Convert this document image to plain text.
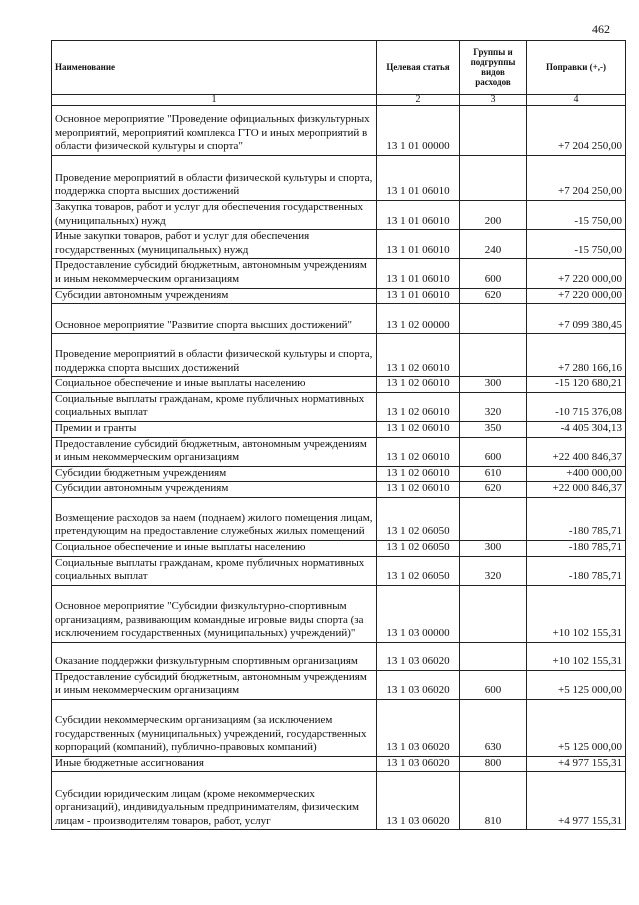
462
Наименование	Целевая статья	Группы и подгруппы видов расходов	Поправки (+,-)
1	2	3	4
Основное мероприятие "Проведение официальных физкультурных мероприятий, мероприятий комплекса ГТО и иных мероприятий в области физической культуры и спорта"	13 1 01 00000		+7 204 250,00
Проведение мероприятий в области физической культуры и спорта, поддержка спорта высших достижений	13 1 01 06010		+7 204 250,00
Закупка товаров, работ и услуг для обеспечения государственных (муниципальных) нужд	13 1 01 06010	200	-15 750,00
Иные закупки товаров, работ и услуг для обеспечения государственных (муниципальных) нужд	13 1 01 06010	240	-15 750,00
Предоставление субсидий бюджетным, автономным учреждениям и иным некоммерческим организациям	13 1 01 06010	600	+7 220 000,00
Субсидии автономным учреждениям	13 1 01 06010	620	+7 220 000,00
Основное мероприятие "Развитие спорта высших достижений"	13 1 02 00000		+7 099 380,45
Проведение мероприятий в области физической культуры и спорта, поддержка спорта высших достижений	13 1 02 06010		+7 280 166,16
Социальное обеспечение и иные выплаты населению	13 1 02 06010	300	-15 120 680,21
Социальные выплаты гражданам, кроме публичных нормативных социальных выплат	13 1 02 06010	320	-10 715 376,08
Премии и гранты	13 1 02 06010	350	-4 405 304,13
Предоставление субсидий бюджетным, автономным учреждениям и иным некоммерческим организациям	13 1 02 06010	600	+22 400 846,37
Субсидии бюджетным учреждениям	13 1 02 06010	610	+400 000,00
Субсидии автономным учреждениям	13 1 02 06010	620	+22 000 846,37
Возмещение расходов за наем (поднаем) жилого помещения лицам, претендующим на предоставление служебных жилых помещений	13 1 02 06050		-180 785,71
Социальное обеспечение и иные выплаты населению	13 1 02 06050	300	-180 785,71
Социальные выплаты гражданам, кроме публичных нормативных социальных выплат	13 1 02 06050	320	-180 785,71
Основное мероприятие "Субсидии физкультурно-спортивным организациям, развивающим командные игровые виды спорта (за исключением государственных (муниципальных) учреждений)"	13 1 03 00000		+10 102 155,31
Оказание поддержки физкультурным спортивным организациям	13 1 03 06020		+10 102 155,31
Предоставление субсидий бюджетным, автономным учреждениям и иным некоммерческим организациям	13 1 03 06020	600	+5 125 000,00
Субсидии некоммерческим организациям (за исключением государственных (муниципальных) учреждений, государственных корпораций (компаний), публично-правовых компаний)	13 1 03 06020	630	+5 125 000,00
Иные бюджетные ассигнования	13 1 03 06020	800	+4 977 155,31
Субсидии юридическим лицам (кроме некоммерческих организаций), индивидуальным предпринимателям, физическим лицам - производителям товаров, работ, услуг	13 1 03 06020	810	+4 977 155,31
